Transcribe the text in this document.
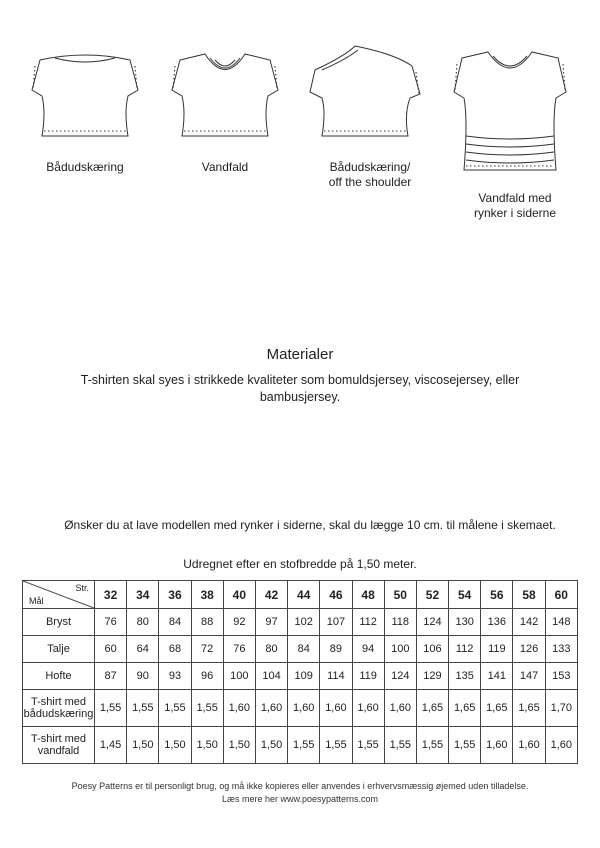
Bådudskæring	Vandfald	Bådudskæring/
off the shoulder
Vandfald med
rynker i siderne
Materialer
T-shirten skal syes i strikkede kvaliteter som bomuldsjersey, viscosejersey, eller bambusjersey.
Ønsker du at lave modellen med rynker i siderne, skal du lægge 10 cm. til målene i skemaet.
Udregnet efter en stofbredde på 1,50 meter.
Str.
Mål	32	34	36	38	40	42	44	46	48	50	52	54	56	58	60

Bryst	76	80	84	88	92	97	102	107	112	118	124	130	136	142	148

Talje	60	64	68	72	76	80	84	89	94	100	106	112	119	126	133

Hofte	87	90	93	96	100	104	109	114	119	124	129	135	141	147	153

T-shirt med
bådudskæring	1,55	1,55	1,55	1,55	1,60	1,60	1,60	1,60	1,60	1,60	1,65	1,65	1,65	1,65	1,70

T-shirt med
vandfald	1,45	1,50	1,50	1,50	1,50	1,50	1,55	1,55	1,55	1,55	1,55	1,55	1,60	1,60	1,60
Poesy Patterns er til personligt brug, og må ikke kopieres eller anvendes i erhvervsmæssig øjemed uden tilladelse.
Læs mere her www.poesypatterns.com
